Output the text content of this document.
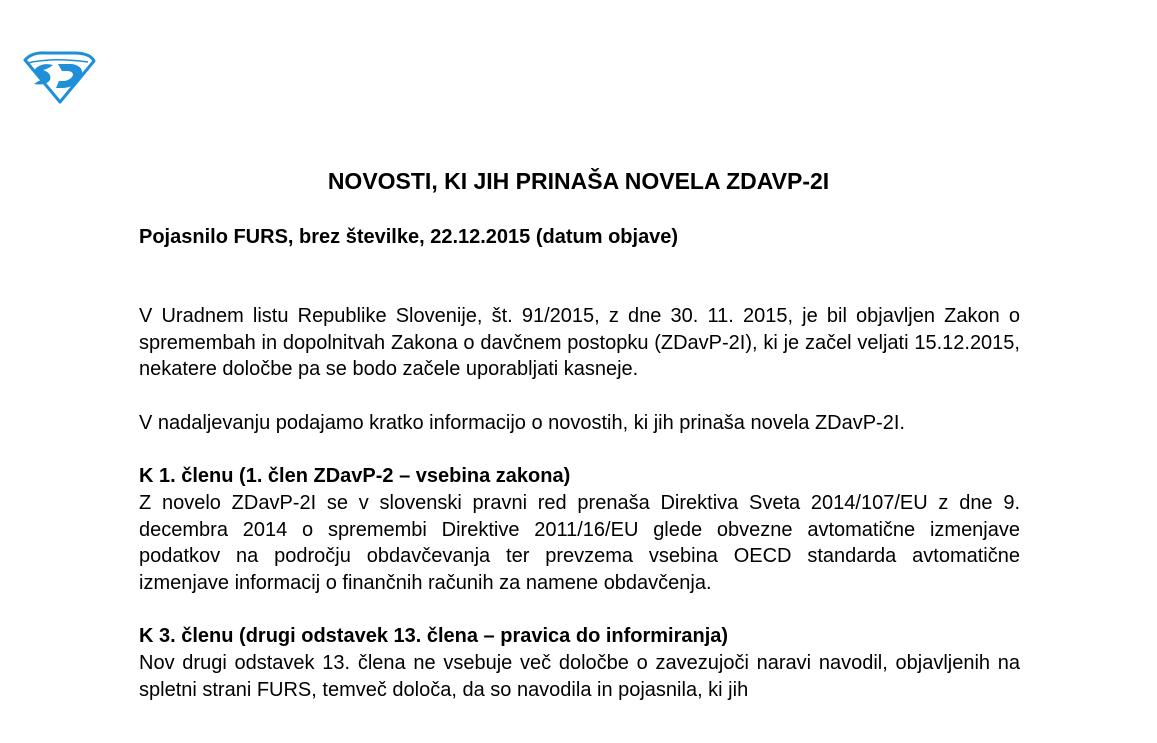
NOVOSTI, KI JIH PRINAŠA NOVELA ZDAVP-2I
Pojasnilo FURS, brez številke, 22.12.2015 (datum objave)

V Uradnem listu Republike Slovenije, št. 91/2015, z dne 30. 11. 2015, je bil objavljen Zakon o spremembah in dopolnitvah Zakona o davčnem postopku (ZDavP-2I), ki je začel veljati 15.12.2015, nekatere določbe pa se bodo začele uporabljati kasneje.

V nadaljevanju podajamo kratko informacijo o novostih, ki jih prinaša novela ZDavP-2I.

K 1. členu (1. člen ZDavP-2 – vsebina zakona)

Z novelo ZDavP-2I se v slovenski pravni red prenaša Direktiva Sveta 2014/107/EU z dne 9. decembra 2014 o spremembi Direktive 2011/16/EU glede obvezne avtomatične izmenjave podatkov na področju obdavčevanja ter prevzema vsebina OECD standarda avtomatične izmenjave informacij o finančnih računih za namene obdavčenja.

K 3. členu (drugi odstavek 13. člena – pravica do informiranja)

Nov drugi odstavek 13. člena ne vsebuje več določbe o zavezujoči naravi navodil, objavljenih na spletni strani FURS, temveč določa, da so navodila in pojasnila, ki jih
